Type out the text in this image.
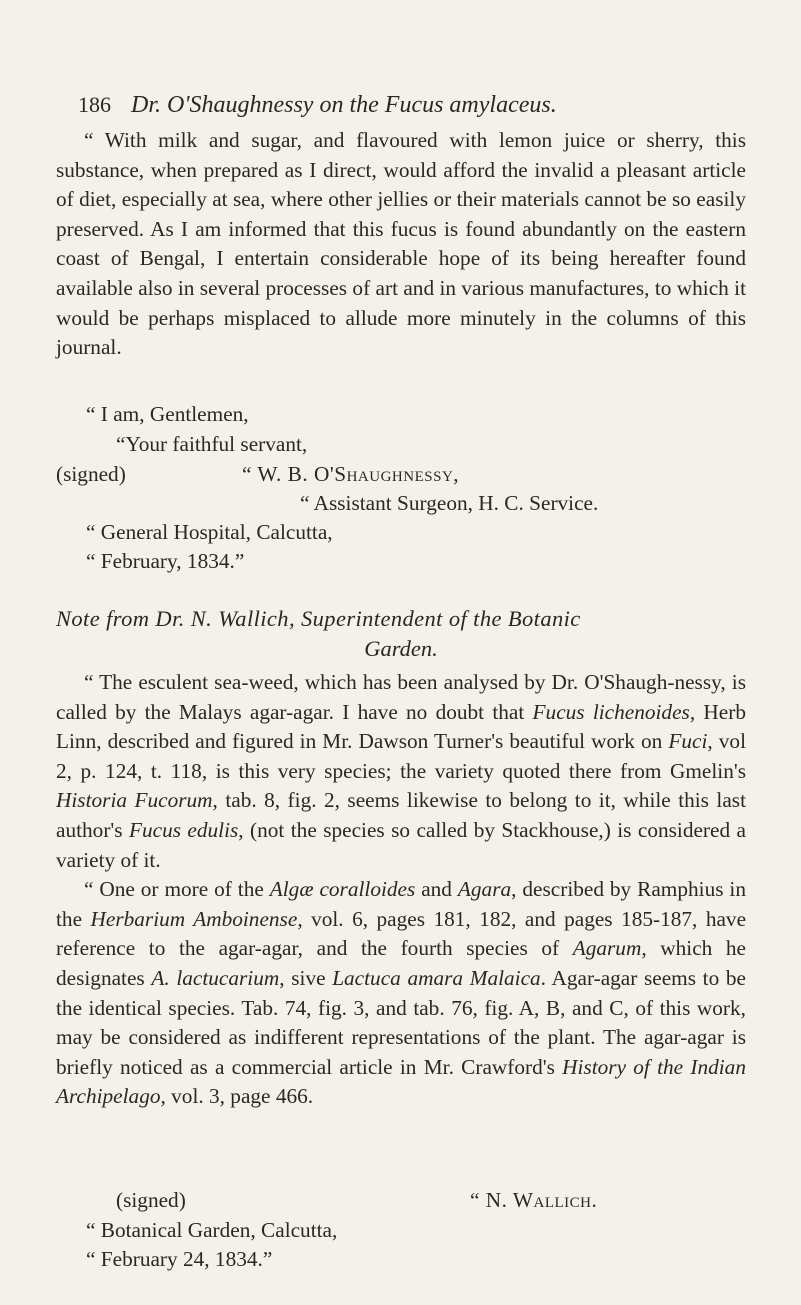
186 Dr. O'Shaughnessy on the Fucus amylaceus.

“ With milk and sugar, and flavoured with lemon juice or sherry, this substance, when prepared as I direct, would afford the invalid a pleasant article of diet, especially at sea, where other jellies or their materials cannot be so easily preserved. As I am informed that this fucus is found abundantly on the eastern coast of Bengal, I entertain considerable hope of its being hereafter found available also in several processes of art and in various manufactures, to which it would be perhaps misplaced to allude more minutely in the columns of this journal.

“ I am, Gentlemen,
“Your faithful servant,
(signed)	“ W. B. O'Shaughnessy,
“ Assistant Surgeon, H. C. Service.
“ General Hospital, Calcutta,
“ February, 1834.”
Note from Dr. N. Wallich, Superintendent of the Botanic
Garden.

“ The esculent sea-weed, which has been analysed by Dr. O'Shaugh-nessy, is called by the Malays agar-agar. I have no doubt that Fucus lichenoides, Herb Linn, described and figured in Mr. Dawson Turner's beautiful work on Fuci, vol 2, p. 124, t. 118, is this very species; the variety quoted there from Gmelin's Historia Fucorum, tab. 8, fig. 2, seems likewise to belong to it, while this last author's Fucus edulis, (not the species so called by Stackhouse,) is considered a variety of it.

“ One or more of the Algæ coralloides and Agara, described by Ramphius in the Herbarium Amboinense, vol. 6, pages 181, 182, and pages 185-187, have reference to the agar-agar, and the fourth species of Agarum, which he designates A. lactucarium, sive Lactuca amara Malaica. Agar-agar seems to be the identical species. Tab. 74, fig. 3, and tab. 76, fig. A, B, and C, of this work, may be considered as indifferent representations of the plant. The agar-agar is briefly noticed as a commercial article in Mr. Crawford's History of the Indian Archipelago, vol. 3, page 466.

(signed)	“ N. Wallich.
“ Botanical Garden, Calcutta,
“ February 24, 1834.”
